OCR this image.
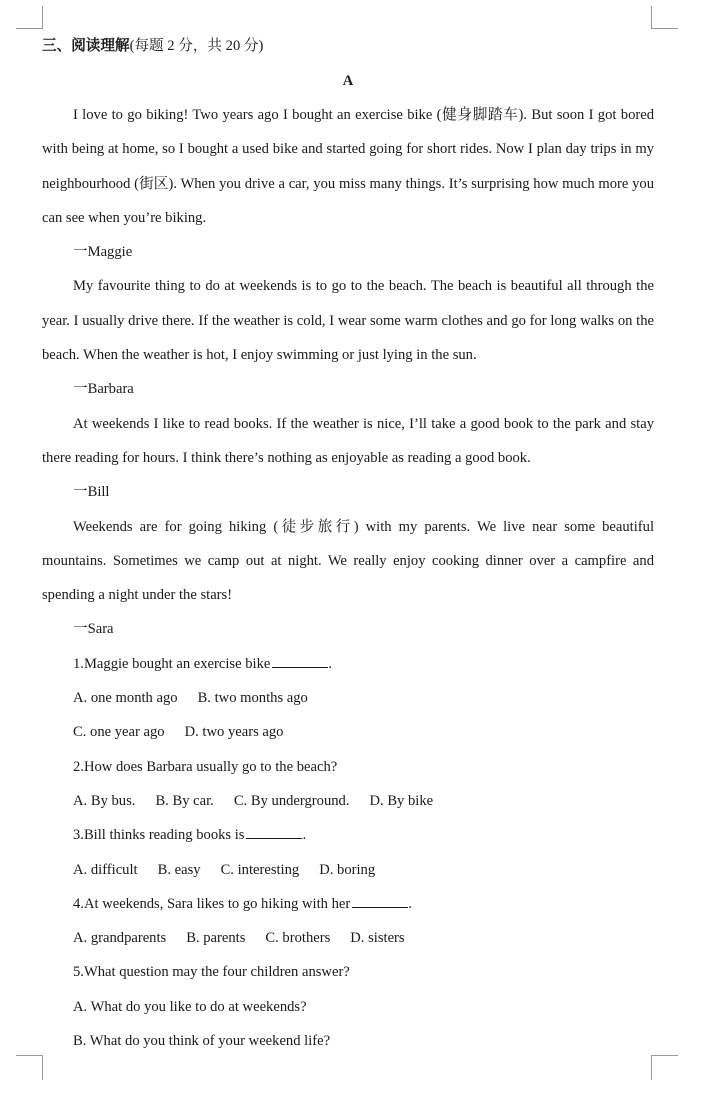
三、阅读理解(每题 2 分，共 20 分)
A

I love to go biking! Two years ago I bought an exercise bike (健身脚踏车). But soon I got bored with being at home, so I bought a used bike and started going for short rides. Now I plan day trips in my neighbourhood (街区). When you drive a car, you miss many things. It’s surprising how much more you can see when you’re biking.

一Maggie

My favourite thing to do at weekends is to go to the beach. The beach is beautiful all through the year. I usually drive there. If the weather is cold, I wear some warm clothes and go for long walks on the beach. When the weather is hot, I enjoy swimming or just lying in the sun.

一Barbara

At weekends I like to read books. If the weather is nice, I’ll take a good book to the park and stay there reading for hours. I think there’s nothing as enjoyable as reading a good book.

一Bill

Weekends are for going hiking (徒步旅行) with my parents. We live near some beautiful mountains. Sometimes we camp out at night. We really enjoy cooking dinner over a campfire and spending a night under the stars!

一Sara
1.Maggie bought an exercise bike	.
A. one month ago B. two months ago
C. one year ago D. two years ago
2.How does Barbara usually go to the beach?
A. By bus. B. By car. C. By underground. D. By bike
3.Bill thinks reading books is	.
A. difficult B. easy C. interesting D. boring
4.At weekends, Sara likes to go hiking with her	.
A. grandparents B. parents C. brothers D. sisters
5.What question may the four children answer?
A. What do you like to do at weekends?
B. What do you think of your weekend life?
